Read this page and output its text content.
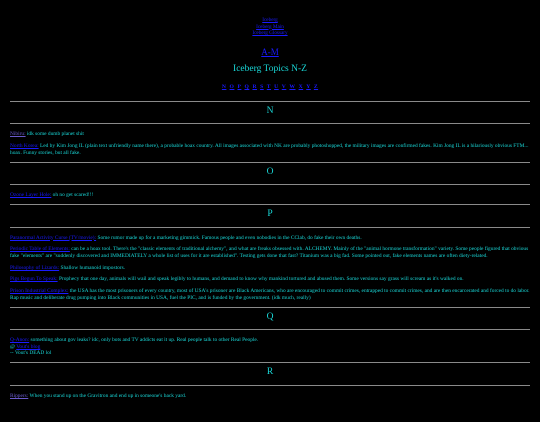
Iceberg
Iceberg Main
Iceberg Glossary
A-M
Iceberg Topics N-Z
N O P Q R S T U V W X Y Z
N
Nibiru: idk some dumb planet shit
North Korea: Led by Kim Jong IL (plain text unfriendly name there), a probable hoax country. All images associated with NK are probably photoshopped, the military images are confirmed fakes. Kim Jong IL is a hilariously obvious FTM... hoax. Funny stories, but all fake.
O
Ozone Layer Hole: oh no get scared!!!
P
Paranormal Activity Curse (TV/movie): Some rumor made up for a marketing gimmick. Famous people and even nobodies in the CClab, do fake their own deaths.
Periodic Table of Elements: can be a hoax tool. There's the "classic elements of traditional alchemy", and what are freaks obsessed with. ALCHEMY. Mainly of the "animal hormone transformation" variety. Some people figured that obvious fake "elements" are "suddenly discovered and IMMEDIATELY a whole list of uses for it are established". Testing gets done that fast? Titanium was a big fad. Some pointed out, fake elements names are often diety-related.
Philosophy of Lizards: Shallow humanoid impostors.
Pigs Begun To Speak: Prophecy that one day, animals will wail and speak legibly to humans, and demand to know why mankind tortured and abused them. Some versions say grass will scream as it's walked on.
Prison Industrial Complex: the USA has the most prisoners of every country, most of USA's prisoner are Black Americans, who are encouraged to commit crimes, entrapped to commit crimes, and are then encarcerated and forced to do labor. Rap music and deliberate drug pumping into Black communities in USA, fuel the PIC, and is funded by the government. (idk much, really)
Q
Q-Anon: something about gov leaks? idc, only bots and TV addicts eat it up. Real people talk to other Real People.
@ Vout's blog
-- Vout's DEAD lol
R
Rippers: When you stand up on the Gravitron and end up in someone's back yard.
